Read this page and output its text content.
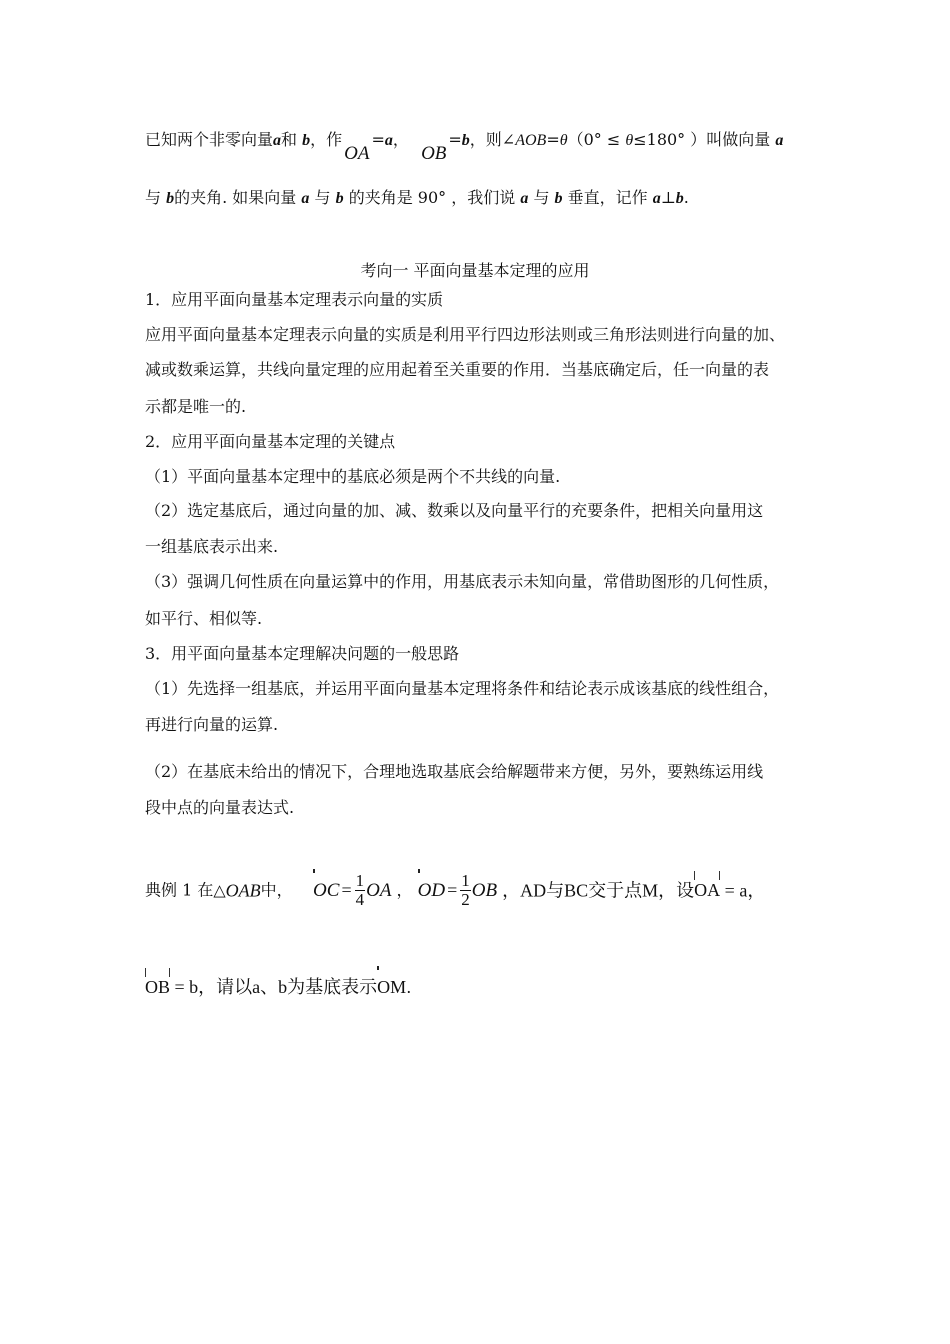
已知两个非零向量a和 b，作OA=a，  OB=b，则∠AOB=θ（0° ≤ θ≤180° ）叫做向量 a
与 b的夹角. 如果向量 a 与 b 的夹角是 90° ，我们说 a 与 b 垂直，记作 a⊥b.
考向一 平面向量基本定理的应用
1．应用平面向量基本定理表示向量的实质
应用平面向量基本定理表示向量的实质是利用平行四边形法则或三角形法则进行向量的加、
减或数乘运算，共线向量定理的应用起着至关重要的作用．当基底确定后，任一向量的表
示都是唯一的.
2．应用平面向量基本定理的关键点
（1）平面向量基本定理中的基底必须是两个不共线的向量.
（2）选定基底后，通过向量的加、减、数乘以及向量平行的充要条件，把相关向量用这
一组基底表示出来.
（3）强调几何性质在向量运算中的作用，用基底表示未知向量，常借助图形的几何性质，
如平行、相似等.
3．用平面向量基本定理解决问题的一般思路
（1）先选择一组基底，并运用平面向量基本定理将条件和结论表示成该基底的线性组合，
再进行向量的运算.
（2）在基底未给出的情况下，合理地选取基底会给解题带来方便，另外，要熟练运用线
段中点的向量表达式.
典例 1 在△OAB中， OC = $\frac{1}{4}$ OA ， OD = $\frac{1}{2}$ OB ，AD与BC交于点M，设OA = a，
OB = b，请以a、b为基底表示OM.
